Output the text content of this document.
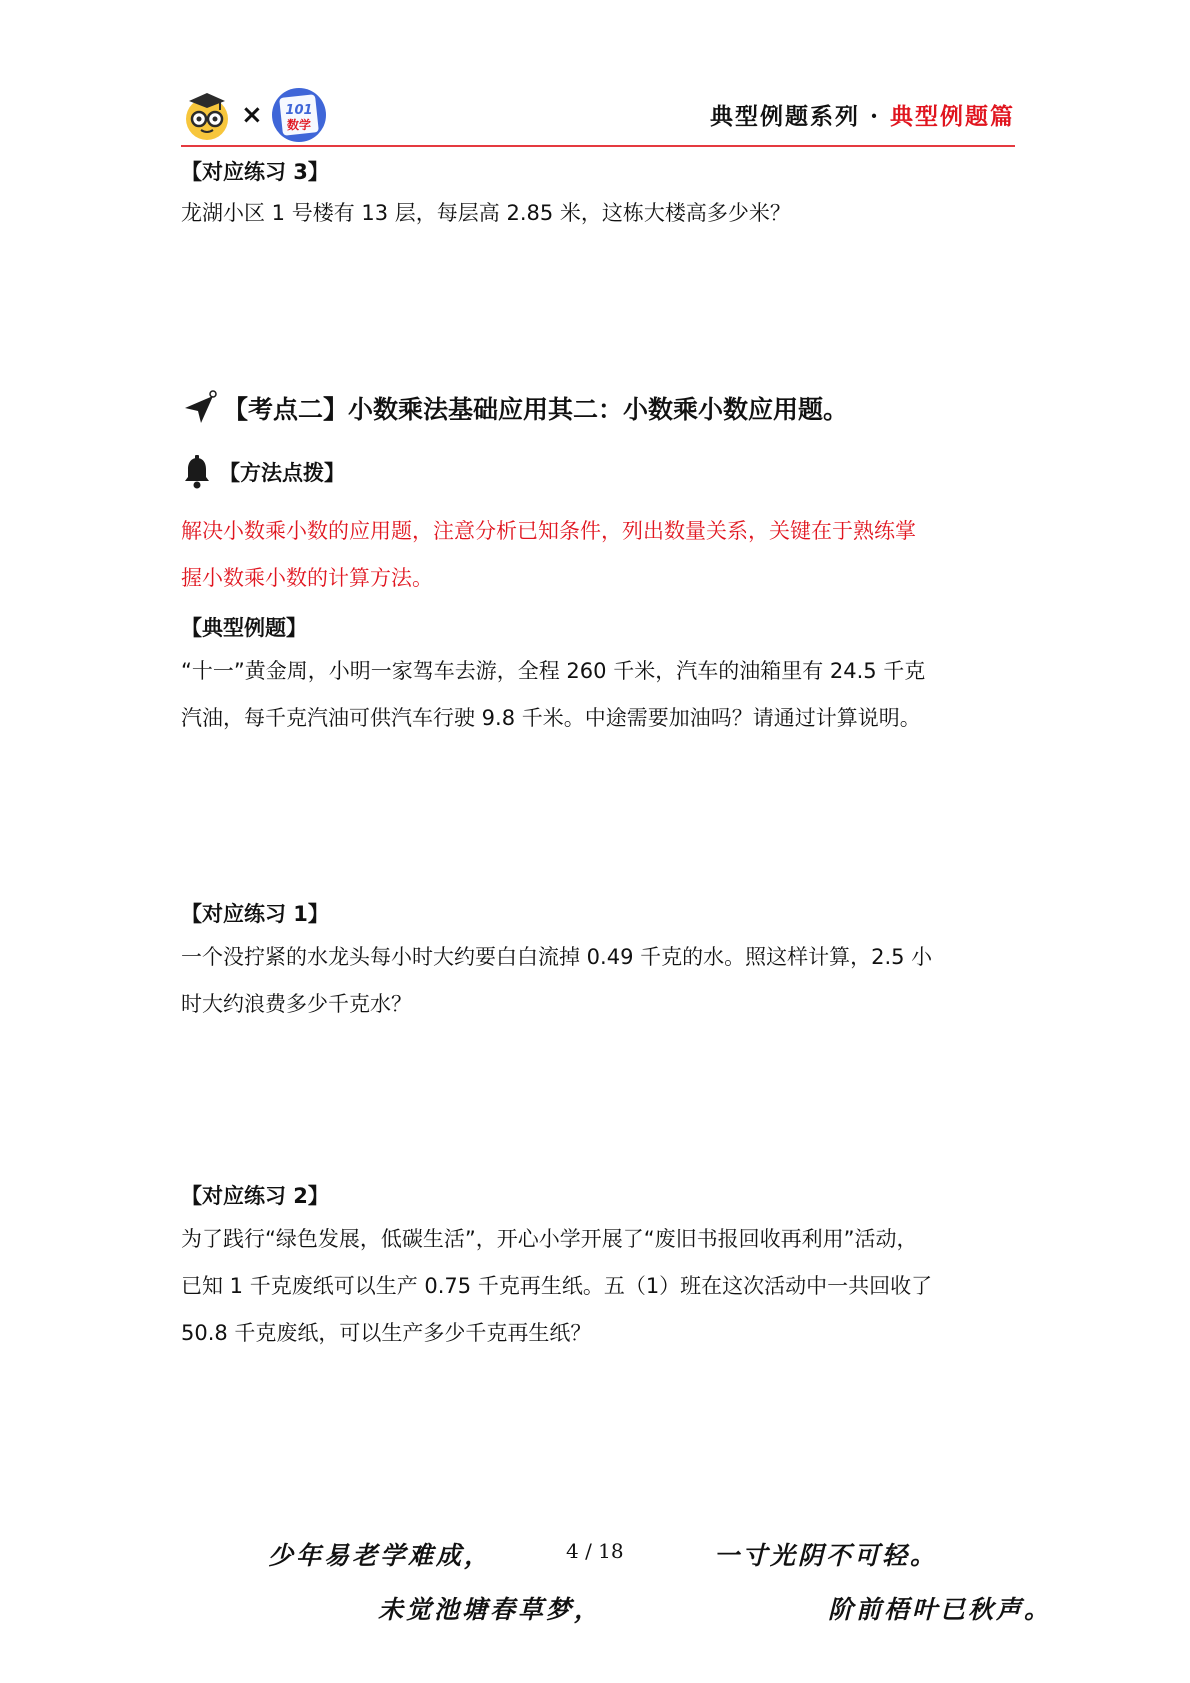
× 101
数学	典型例题系列 · 典型例题篇
【对应练习 3】
龙湖小区 1 号楼有 13 层，每层高 2.85 米，这栋大楼高多少米？
【考点二】小数乘法基础应用其二：小数乘小数应用题。
【方法点拨】
解决小数乘小数的应用题，注意分析已知条件，列出数量关系，关键在于熟练掌
握小数乘小数的计算方法。
【典型例题】
“十一”黄金周，小明一家驾车去游，全程 260 千米，汽车的油箱里有 24.5 千克
汽油，每千克汽油可供汽车行驶 9.8 千米。中途需要加油吗？请通过计算说明。
【对应练习 1】
一个没拧紧的水龙头每小时大约要白白流掉 0.49 千克的水。照这样计算，2.5 小
时大约浪费多少千克水？
【对应练习 2】
为了践行“绿色发展，低碳生活”，开心小学开展了“废旧书报回收再利用”活动，
已知 1 千克废纸可以生产 0.75 千克再生纸。五（1）班在这次活动中一共回收了
50.8 千克废纸，可以生产多少千克再生纸？
少年易老学难成，	4 / 18	一寸光阴不可轻。
未觉池塘春草梦，	阶前梧叶已秋声。
